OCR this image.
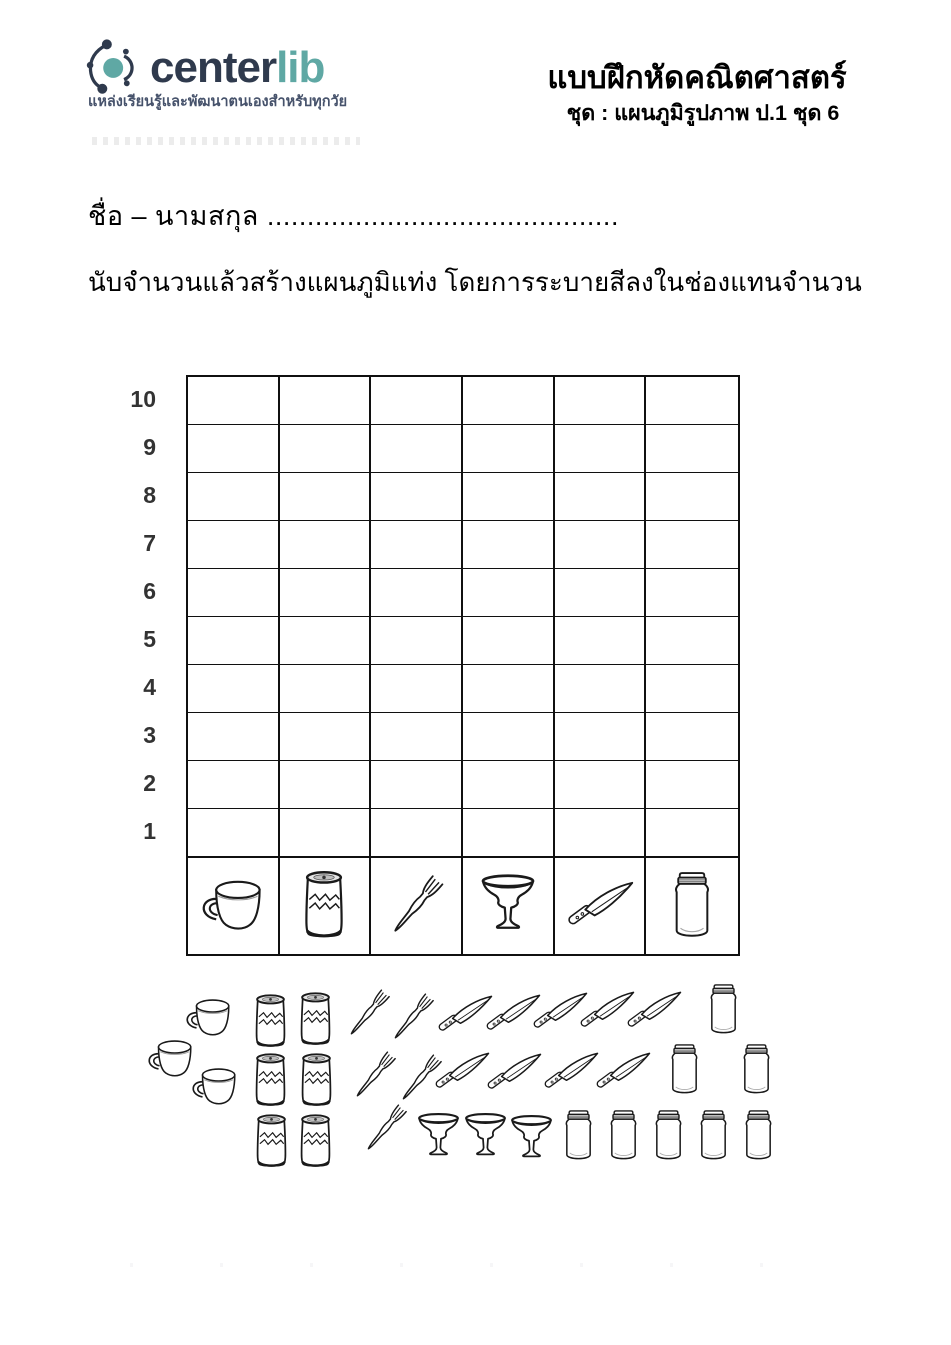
centerlib
แหล่งเรียนรู้และพัฒนาตนเองสำหรับทุกวัย
แบบฝึกหัดคณิตศาสตร์
ชุด : แผนภูมิรูปภาพ ป.1 ชุด 6
ชื่อ – นามสกุล ............................................
นับจำนวนแล้วสร้างแผนภูมิแท่ง โดยการระบายสีลงในช่องแทนจำนวน
10
9
8
7
6
5
4
3
2
1
